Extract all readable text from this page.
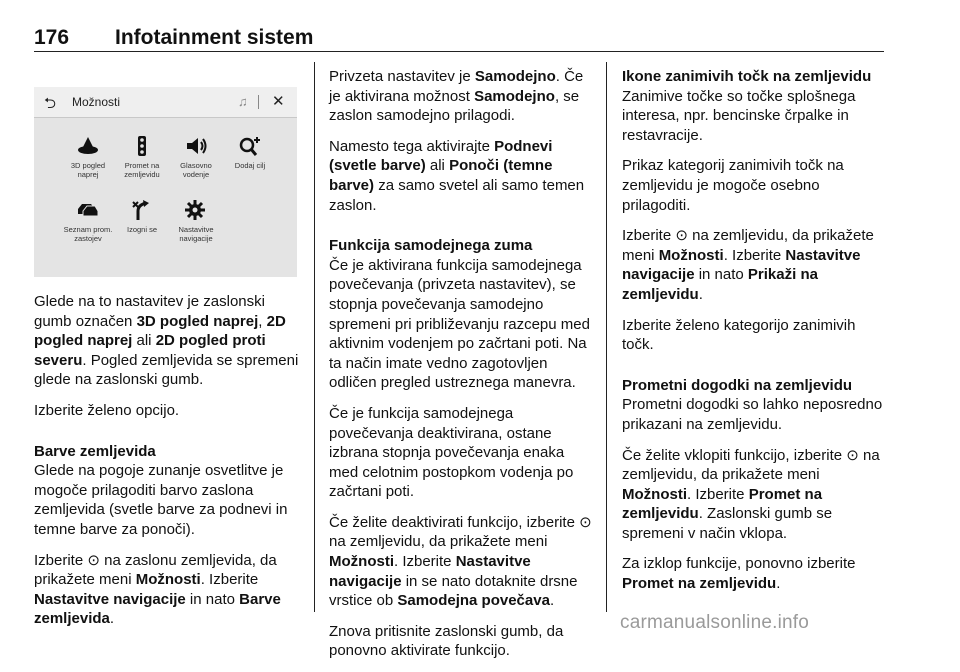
176 Infotainment sistem
⮌ Možnosti	♫ ✕
3D pogled
naprej
Promet na
zemljevidu
Glasovno
vodenje
Dodaj cilj
Seznam prom.
zastojev
Izogni se	Nastavitve
navigacije

Glede na to nastavitev je zaslonski gumb označen 3D pogled naprej, 2D pogled naprej ali 2D pogled proti severu. Pogled zemljevida se spremeni glede na zaslonski gumb.

Izberite želeno opcijo.

Barve zemljevida

Glede na pogoje zunanje osvetlitve je mogoče prilagoditi barvo zaslona zemljevida (svetle barve za podnevi in temne barve za ponoči).

Izberite ⊙ na zaslonu zemljevida, da prikažete meni Možnosti. Izberite Nastavitve navigacije in nato Barve zemljevida.

Privzeta nastavitev je Samodejno. Če je aktivirana možnost Samodejno, se zaslon samodejno prilagodi.

Namesto tega aktivirajte Podnevi (svetle barve) ali Ponoči (temne barve) za samo svetel ali samo temen zaslon.

Funkcija samodejnega zuma

Če je aktivirana funkcija samodejnega povečevanja (privzeta nastavitev), se stopnja povečevanja samodejno spremeni pri približevanju razcepu med aktivnim vodenjem po začrtani poti. Na ta način imate vedno zagotovljen odličen pregled ustreznega manevra.

Če je funkcija samodejnega povečevanja deaktivirana, ostane izbrana stopnja povečevanja enaka med celotnim postopkom vodenja po začrtani poti.

Če želite deaktivirati funkcijo, izberite ⊙ na zemljevidu, da prikažete meni Možnosti. Izberite Nastavitve navigacije in se nato dotaknite drsne vrstice ob Samodejna povečava.

Znova pritisnite zaslonski gumb, da ponovno aktivirate funkcijo.

Ikone zanimivih točk na zemljevidu

Zanimive točke so točke splošnega interesa, npr. bencinske črpalke in restavracije.

Prikaz kategorij zanimivih točk na zemljevidu je mogoče osebno prilagoditi.

Izberite ⊙ na zemljevidu, da prikažete meni Možnosti. Izberite Nastavitve navigacije in nato Prikaži na zemljevidu.

Izberite želeno kategorijo zanimivih točk.

Prometni dogodki na zemljevidu

Prometni dogodki so lahko neposredno prikazani na zemljevidu.

Če želite vklopiti funkcijo, izberite ⊙ na zemljevidu, da prikažete meni Možnosti. Izberite Promet na zemljevidu. Zaslonski gumb se spremeni v način vklopa.

Za izklop funkcije, ponovno izberite Promet na zemljevidu.

carmanualsonline.info
